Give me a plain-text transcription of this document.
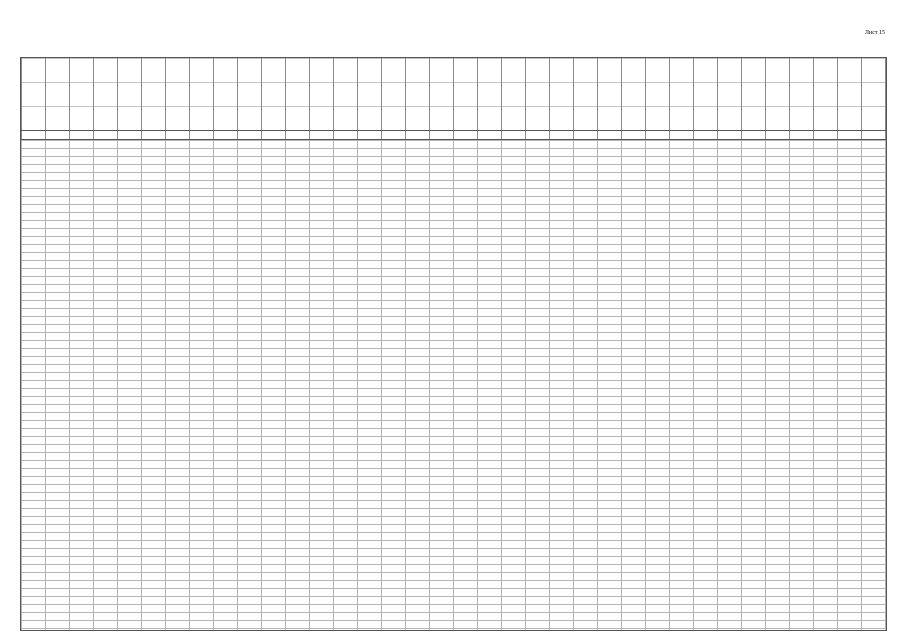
Лист 15
